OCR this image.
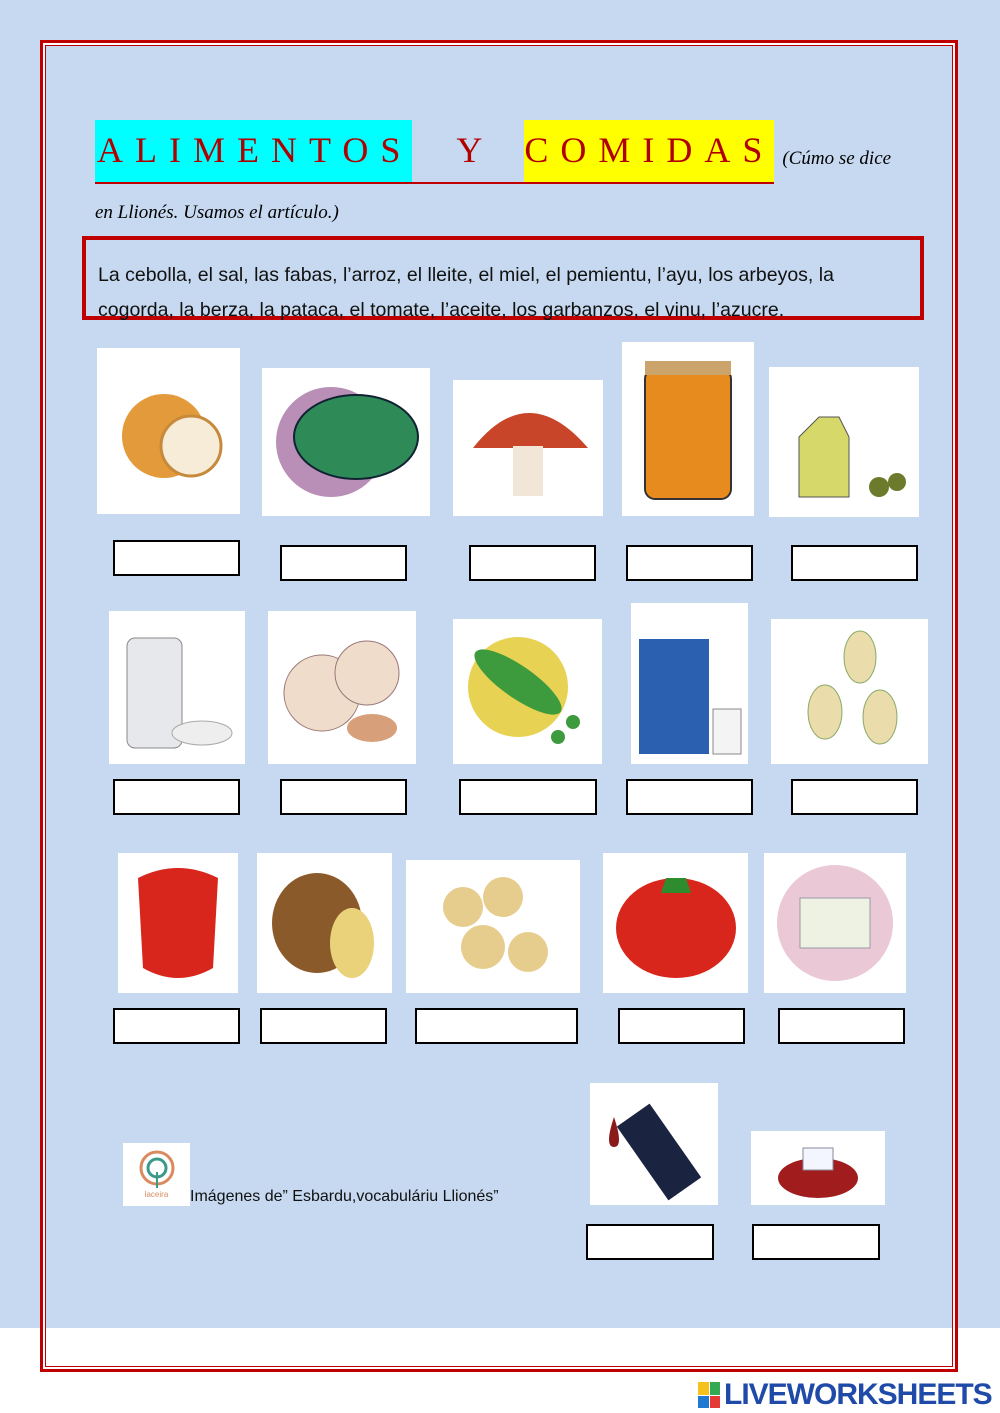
ALIMENTOS Y COMIDAS (Cúmo se dice
en Llionés. Usamos el artículo.)
La cebolla, el sal, las fabas, l’arroz, el lleite, el miel, el pemientu, l’ayu, los arbeyos, la cogorda, la berza, la pataca, el tomate, l’aceite, los garbanzos, el vinu, l’azucre.
laceira Imágenes de” Esbardu,vocabuláriu Llionés”
LIVEWORKSHEETS
